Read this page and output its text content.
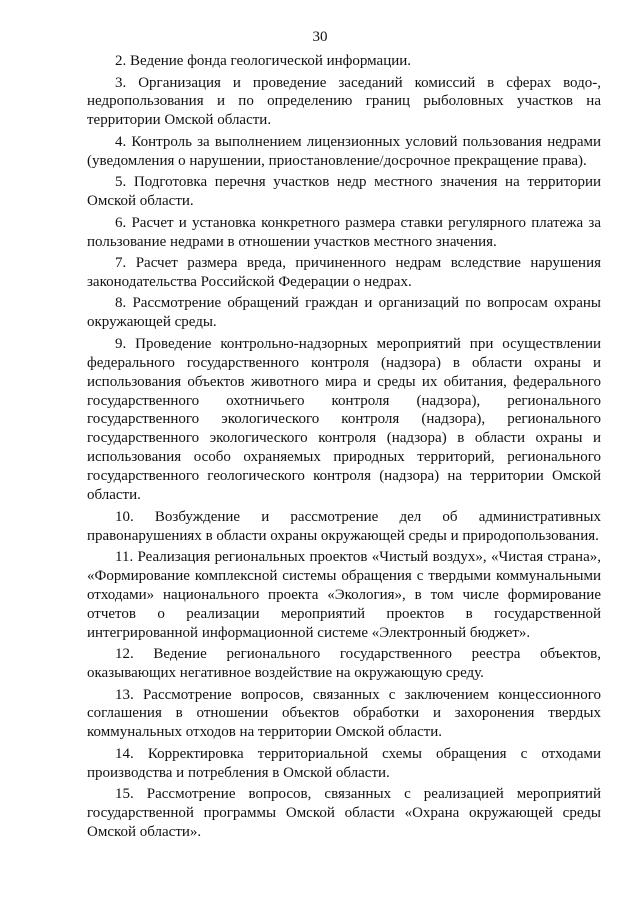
30

2. Ведение фонда геологической информации.

3. Организация и проведение заседаний комиссий в сферах водо-, недропользования и по определению границ рыболовных участков на территории Омской области.

4. Контроль за выполнением лицензионных условий пользования недрами (уведомления о нарушении, приостановление/досрочное прекращение права).

5. Подготовка перечня участков недр местного значения на территории Омской области.

6. Расчет и установка конкретного размера ставки регулярного платежа за пользование недрами в отношении участков местного значения.

7. Расчет размера вреда, причиненного недрам вследствие нарушения законодательства Российской Федерации о недрах.

8. Рассмотрение обращений граждан и организаций по вопросам охраны окружающей среды.

9. Проведение контрольно-надзорных мероприятий при осуществлении федерального государственного контроля (надзора) в области охраны и использования объектов животного мира и среды их обитания, федерального государственного охотничьего контроля (надзора), регионального государственного экологического контроля (надзора), регионального государственного экологического контроля (надзора) в области охраны и использования особо охраняемых природных территорий, регионального государственного геологического контроля (надзора) на территории Омской области.

10. Возбуждение и рассмотрение дел об административных правонарушениях в области охраны окружающей среды и природопользования.

11. Реализация региональных проектов «Чистый воздух», «Чистая страна», «Формирование комплексной системы обращения с твердыми коммунальными отходами» национального проекта «Экология», в том числе формирование отчетов о реализации мероприятий проектов в государственной интегрированной информационной системе «Электронный бюджет».

12. Ведение регионального государственного реестра объектов, оказывающих негативное воздействие на окружающую среду.

13. Рассмотрение вопросов, связанных с заключением концессионного соглашения в отношении объектов обработки и захоронения твердых коммунальных отходов на территории Омской области.

14. Корректировка территориальной схемы обращения с отходами производства и потребления в Омской области.

15. Рассмотрение вопросов, связанных с реализацией мероприятий государственной программы Омской области «Охрана окружающей среды Омской области».
